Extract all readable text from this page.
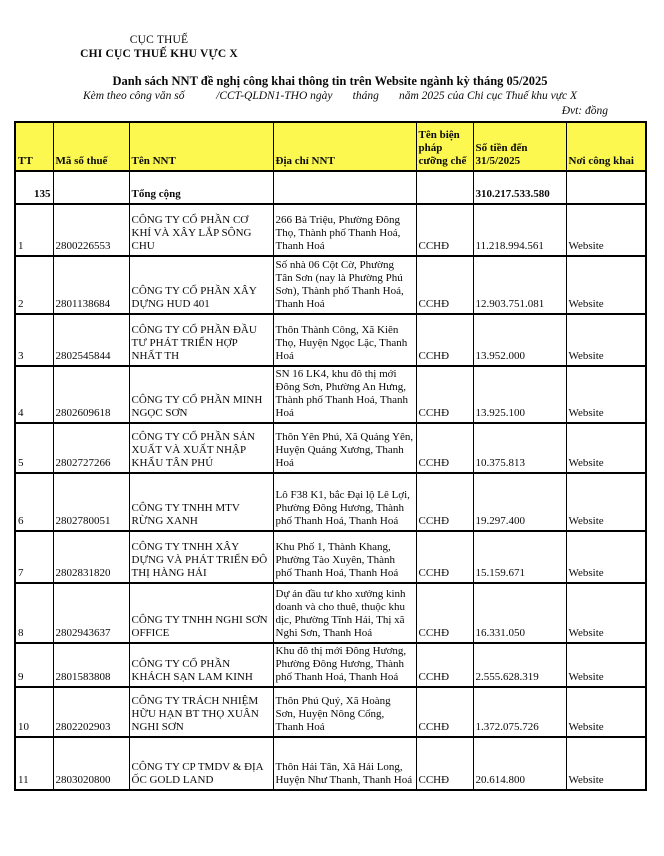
CỤC THUẾ
CHI CỤC THUẾ KHU VỰC X
Danh sách NNT đề nghị công khai thông tin trên Website ngành kỳ tháng 05/2025
Kèm theo công văn số           /CCT-QLDN1-THO ngày       tháng       năm 2025 của Chi cục Thuế khu vực X
Đvt: đồng
TT	Mã số thuế	Tên NNT	Địa chỉ NNT	Tên biện pháp cưỡng chế	Số tiền đến 31/5/2025	Nơi công khai
135		Tổng cộng			310.217.533.580	
1	2800226553	CÔNG TY CỔ PHẦN CƠ KHÍ VÀ XÂY LẮP SÔNG CHU	266 Bà Triệu, Phường Đông Thọ, Thành phố Thanh Hoá, Thanh Hoá	CCHĐ	11.218.994.561	Website
2	2801138684	CÔNG TY CỔ PHẦN XÂY DỰNG HUD 401	Số nhà 06 Cột Cờ, Phường Tân Sơn (nay là Phường Phú Sơn), Thành phố Thanh Hoá, Thanh Hoá	CCHĐ	12.903.751.081	Website
3	2802545844	CÔNG TY CỔ PHẦN ĐẦU TƯ PHÁT TRIỂN HỢP NHẤT TH	Thôn Thành Công, Xã Kiên Thọ, Huyện Ngọc Lặc, Thanh Hoá	CCHĐ	13.952.000	Website
4	2802609618	CÔNG TY CỔ PHẦN MINH NGỌC SƠN	SN 16 LK4, khu đô thị mới Đông Sơn, Phường An Hưng, Thành phố Thanh Hoá, Thanh Hoá	CCHĐ	13.925.100	Website
5	2802727266	CÔNG TY CỔ PHẦN SẢN XUẤT VÀ XUẤT NHẬP KHẨU TÂN PHÚ	Thôn Yên Phú, Xã Quảng Yên, Huyện Quảng Xương, Thanh Hoá	CCHĐ	10.375.813	Website
6	2802780051	CÔNG TY TNHH MTV RỪNG XANH	Lô F38 K1, bắc Đại lộ Lê Lợi, Phường Đông Hương, Thành phố Thanh Hoá, Thanh Hoá	CCHĐ	19.297.400	Website
7	2802831820	CÔNG TY TNHH XÂY DỰNG VÀ PHÁT TRIỂN ĐÔ THỊ HÀNG HẢI	Khu Phố 1, Thành Khang, Phường Tào Xuyên, Thành phố Thanh Hoá, Thanh Hoá	CCHĐ	15.159.671	Website
8	2802943637	CÔNG TY TNHH NGHI SƠN OFFICE	Dự án đầu tư kho xưởng kinh doanh và cho thuê, thuộc khu dịc, Phường Tĩnh Hải, Thị xã Nghi Sơn, Thanh Hoá	CCHĐ	16.331.050	Website
9	2801583808	CÔNG TY CỔ PHẦN KHÁCH SẠN LAM KINH	Khu đô thị mới Đông Hương, Phường Đông Hương, Thành phố Thanh Hoá, Thanh Hoá	CCHĐ	2.555.628.319	Website
10	2802202903	CÔNG TY TRÁCH NHIỆM HỮU HẠN BT THỌ XUÂN NGHI SƠN	Thôn Phú Quý, Xã Hoàng Sơn, Huyện Nông Cống, Thanh Hoá	CCHĐ	1.372.075.726	Website
11	2803020800	CÔNG TY CP TMDV & ĐỊA ỐC GOLD LAND	Thôn Hải Tân, Xã Hải Long, Huyện Như Thanh, Thanh Hoá	CCHĐ	20.614.800	Website
